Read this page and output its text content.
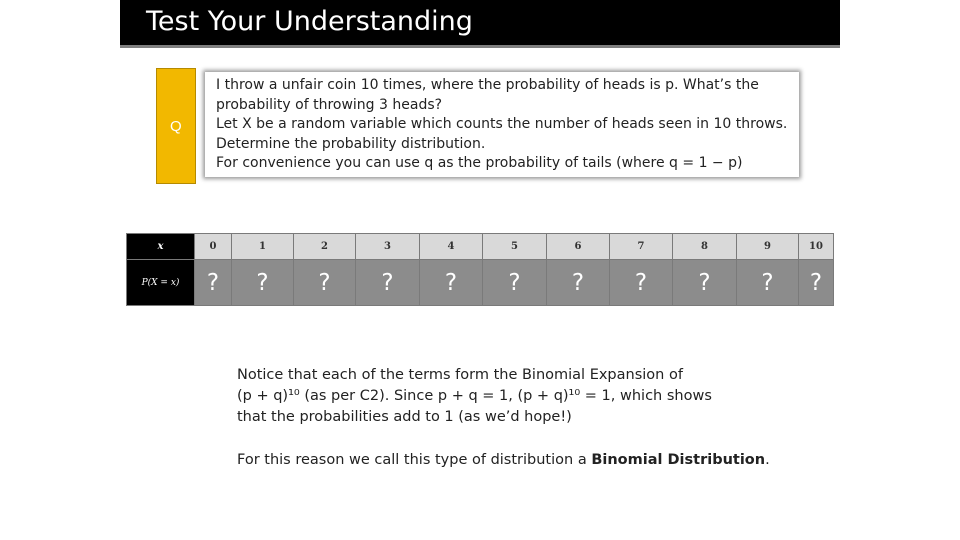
Test Your Understanding
Q
I throw a unfair coin 10 times, where the probability of heads is p. What’s the
probability of throwing 3 heads?
Let X be a random variable which counts the number of heads seen in 10 throws.
Determine the probability distribution.
For convenience you can use q as the probability of tails (where q = 1 − p)
x	0	1	2	3	4	5	6	7	8	9	10
P(X = x)	?	?	?	?	?	?	?	?	?	?	?
Notice that each of the terms form the Binomial Expansion of
(p + q)¹⁰ (as per C2). Since p + q = 1, (p + q)¹⁰ = 1, which shows
that the probabilities add to 1 (as we’d hope!)
For this reason we call this type of distribution a Binomial Distribution.
